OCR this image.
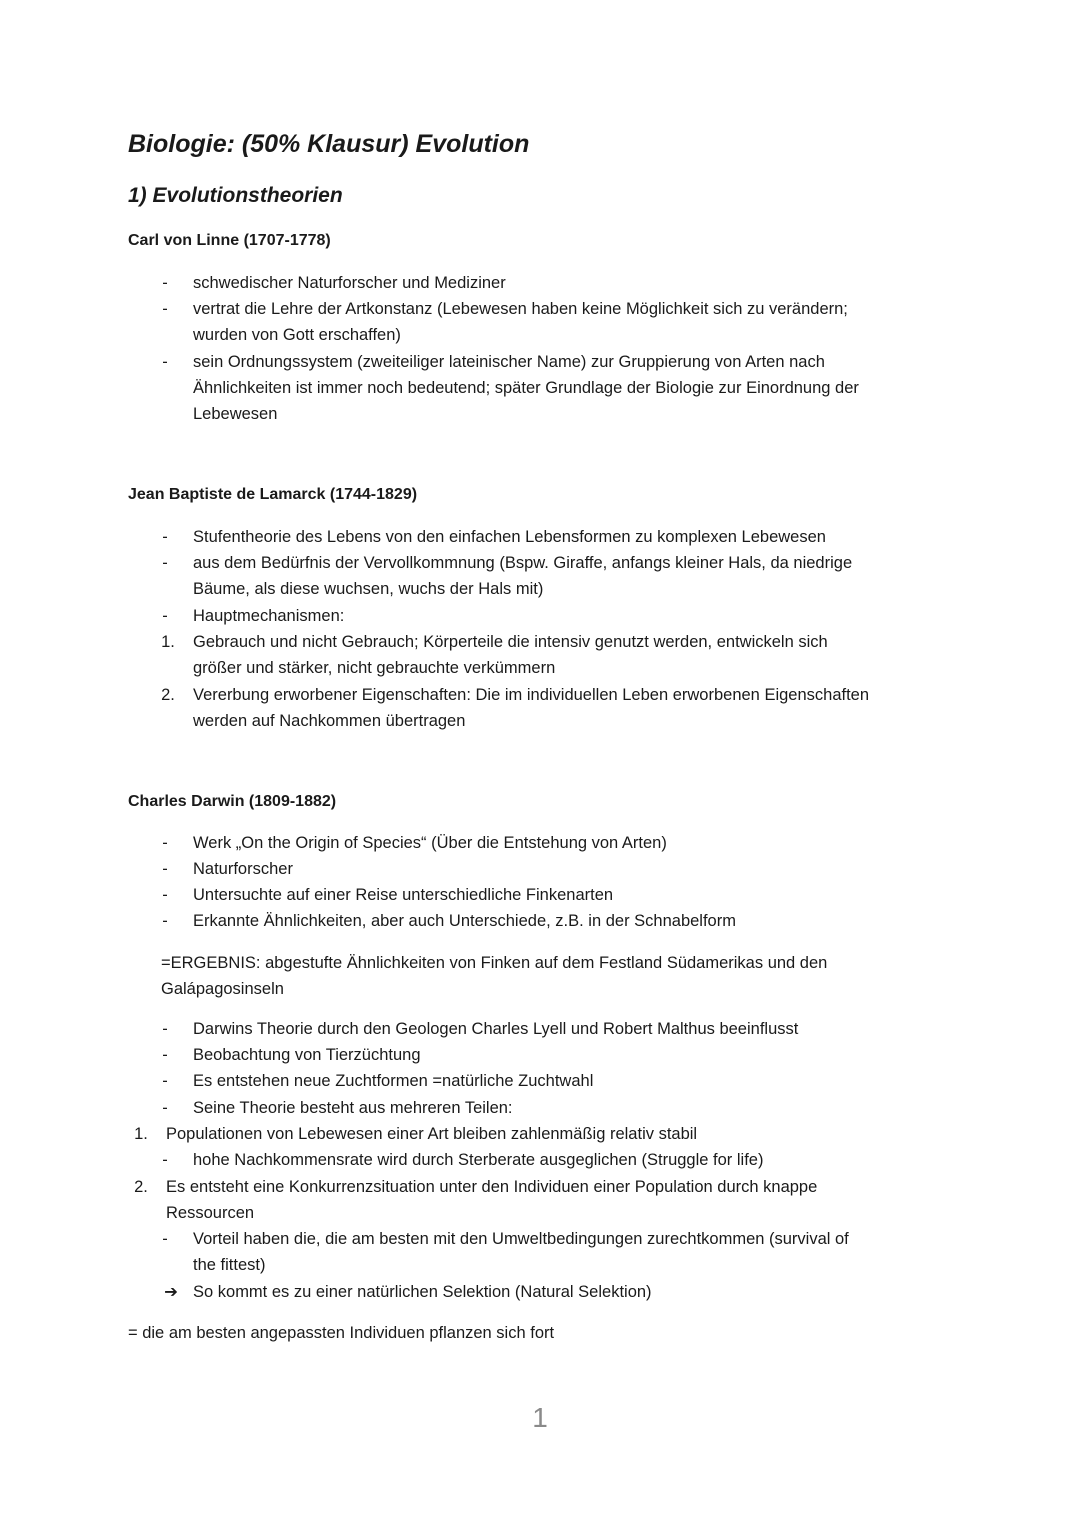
Biologie: (50% Klausur) Evolution
1) Evolutionstheorien
Carl von Linne (1707-1778)
-	schwedischer Naturforscher und Mediziner
-	vertrat die Lehre der Artkonstanz (Lebewesen haben keine Möglichkeit sich zu verändern;
wurden von Gott erschaffen)
-	sein Ordnungssystem (zweiteiliger lateinischer Name) zur Gruppierung von Arten nach
Ähnlichkeiten ist immer noch bedeutend; später Grundlage der Biologie zur Einordnung der
Lebewesen
Jean Baptiste de Lamarck (1744-1829)
-	Stufentheorie des Lebens von den einfachen Lebensformen zu komplexen Lebewesen
-	aus dem Bedürfnis der Vervollkommnung (Bspw. Giraffe, anfangs kleiner Hals, da niedrige
Bäume, als diese wuchsen, wuchs der Hals mit)
-	Hauptmechanismen:
1. Gebrauch und nicht Gebrauch; Körperteile die intensiv genutzt werden, entwickeln sich
größer und stärker, nicht gebrauchte verkümmern
2. Vererbung erworbener Eigenschaften: Die im individuellen Leben erworbenen Eigenschaften
werden auf Nachkommen übertragen
Charles Darwin (1809-1882)
-	Werk „On the Origin of Species“ (Über die Entstehung von Arten)
-	Naturforscher
-	Untersuchte auf einer Reise unterschiedliche Finkenarten
-	Erkannte Ähnlichkeiten, aber auch Unterschiede, z.B. in der Schnabelform
=ERGEBNIS: abgestufte Ähnlichkeiten von Finken auf dem Festland Südamerikas und den
Galápagosinseln
-	Darwins Theorie durch den Geologen Charles Lyell und Robert Malthus beeinflusst
-	Beobachtung von Tierzüchtung
-	Es entstehen neue Zuchtformen =natürliche Zuchtwahl
-	Seine Theorie besteht aus mehreren Teilen:
1. Populationen von Lebewesen einer Art bleiben zahlenmäßig relativ stabil
-	hohe Nachkommensrate wird durch Sterberate ausgeglichen (Struggle for life)
2. Es entsteht eine Konkurrenzsituation unter den Individuen einer Population durch knappe
Ressourcen
-	Vorteil haben die, die am besten mit den Umweltbedingungen zurechtkommen (survival of
the fittest)
➔ So kommt es zu einer natürlichen Selektion (Natural Selektion)
= die am besten angepassten Individuen pflanzen sich fort
1
